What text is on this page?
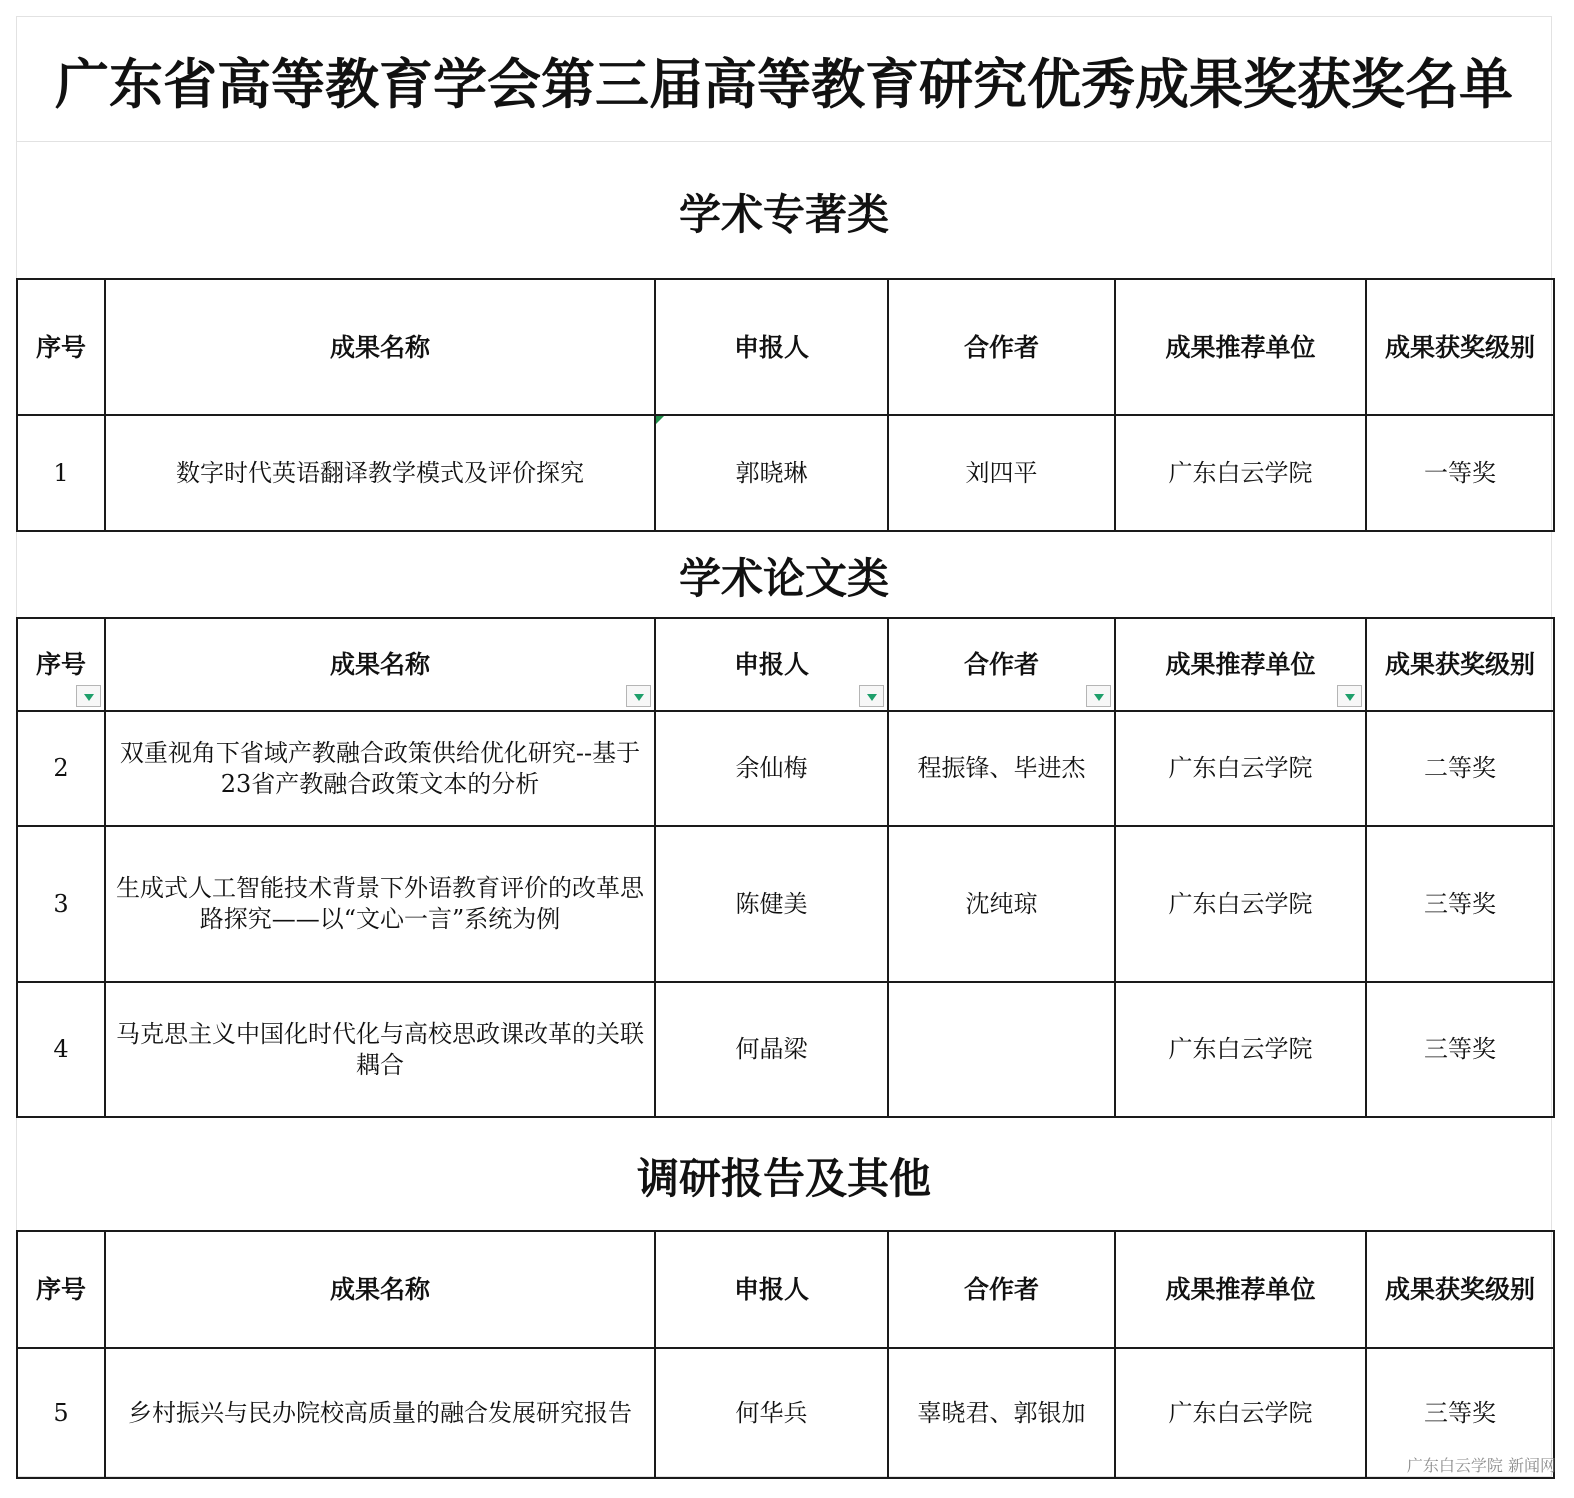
广东省高等教育学会第三届高等教育研究优秀成果奖获奖名单
学术专著类
序号	成果名称	申报人	合作者	成果推荐单位	成果获奖级别
1	数字时代英语翻译教学模式及评价探究	郭晓琳	刘四平	广东白云学院	一等奖
学术论文类
序号	成果名称	申报人	合作者	成果推荐单位	成果获奖级别
2	双重视角下省域产教融合政策供给优化研究--基于23省产教融合政策文本的分析	余仙梅	程振锋、毕进杰	广东白云学院	二等奖
3	生成式人工智能技术背景下外语教育评价的改革思路探究——以“文心一言”系统为例	陈健美	沈纯琼	广东白云学院	三等奖
4	马克思主义中国化时代化与高校思政课改革的关联耦合	何晶梁		广东白云学院	三等奖
调研报告及其他
序号	成果名称	申报人	合作者	成果推荐单位	成果获奖级别
5	乡村振兴与民办院校高质量的融合发展研究报告	何华兵	辜晓君、郭银加	广东白云学院	三等奖
广东白云学院 新闻网
